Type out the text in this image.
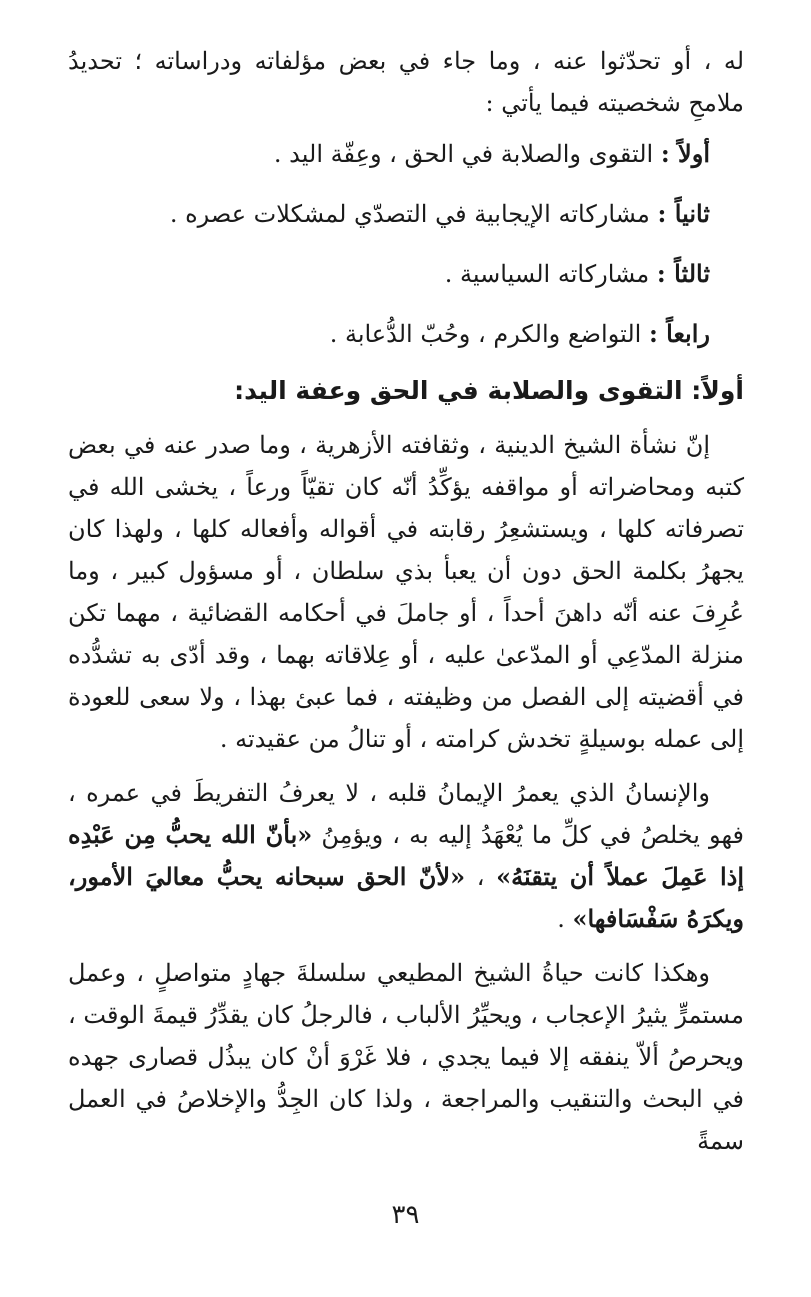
له ، أو تحدّثوا عنه ، وما جاء في بعض مؤلفاته ودراساته ؛ تحديدُ ملامحِ شخصيته فيما يأتي :

أولاً : التقوى والصلابة في الحق ، وعِفّة اليد .
ثانياً : مشاركاته الإيجابية في التصدّي لمشكلات عصره .
ثالثاً : مشاركاته السياسية .
رابعاً : التواضع والكرم ، وحُبّ الدُّعابة .
أولاً: التقوى والصلابة في الحق وعفة اليد:

إنّ نشأة الشيخ الدينية ، وثقافته الأزهرية ، وما صدر عنه في بعض كتبه ومحاضراته أو مواقفه يؤكِّدُ أنّه كان تقيّاً ورعاً ، يخشى الله في تصرفاته كلها ، ويستشعِرُ رقابته في أقواله وأفعاله كلها ، ولهذا كان يجهرُ بكلمة الحق دون أن يعبأ بذي سلطان ، أو مسؤول كبير ، وما عُرِفَ عنه أنّه داهنَ أحداً ، أو جاملَ في أحكامه القضائية ، مهما تكن منزلة المدّعِي أو المدّعىٰ عليه ، أو عِلاقاته بهما ، وقد أدّى به تشدُّده في أقضيته إلى الفصل من وظيفته ، فما عبئ بهذا ، ولا سعى للعودة إلى عمله بوسيلةٍ تخدش كرامته ، أو تنالُ من عقيدته .

والإنسانُ الذي يعمرُ الإيمانُ قلبه ، لا يعرفُ التفريطَ في عمره ، فهو يخلصُ في كلِّ ما يُعْهَدُ إليه به ، ويؤمِنُ «بأنّ الله يحبُّ مِن عَبْدِه إذا عَمِلَ عملاً أن يتقنَهُ» ، «لأنّ الحق سبحانه يحبُّ معاليَ الأمور، ويكرَهُ سَفْسَافها» .

وهكذا كانت حياةُ الشيخ المطيعي سلسلةَ جهادٍ متواصلٍ ، وعمل مستمرٍّ يثيرُ الإعجاب ، ويحيِّرُ الألباب ، فالرجلُ كان يقدِّرُ قيمةَ الوقت ، ويحرصُ ألاّ ينفقه إلا فيما يجدي ، فلا غَرْوَ أنْ كان يبذُل قصارى جهده في البحث والتنقيب والمراجعة ، ولذا كان الجِدُّ والإخلاصُ في العمل سمةً

٣٩
